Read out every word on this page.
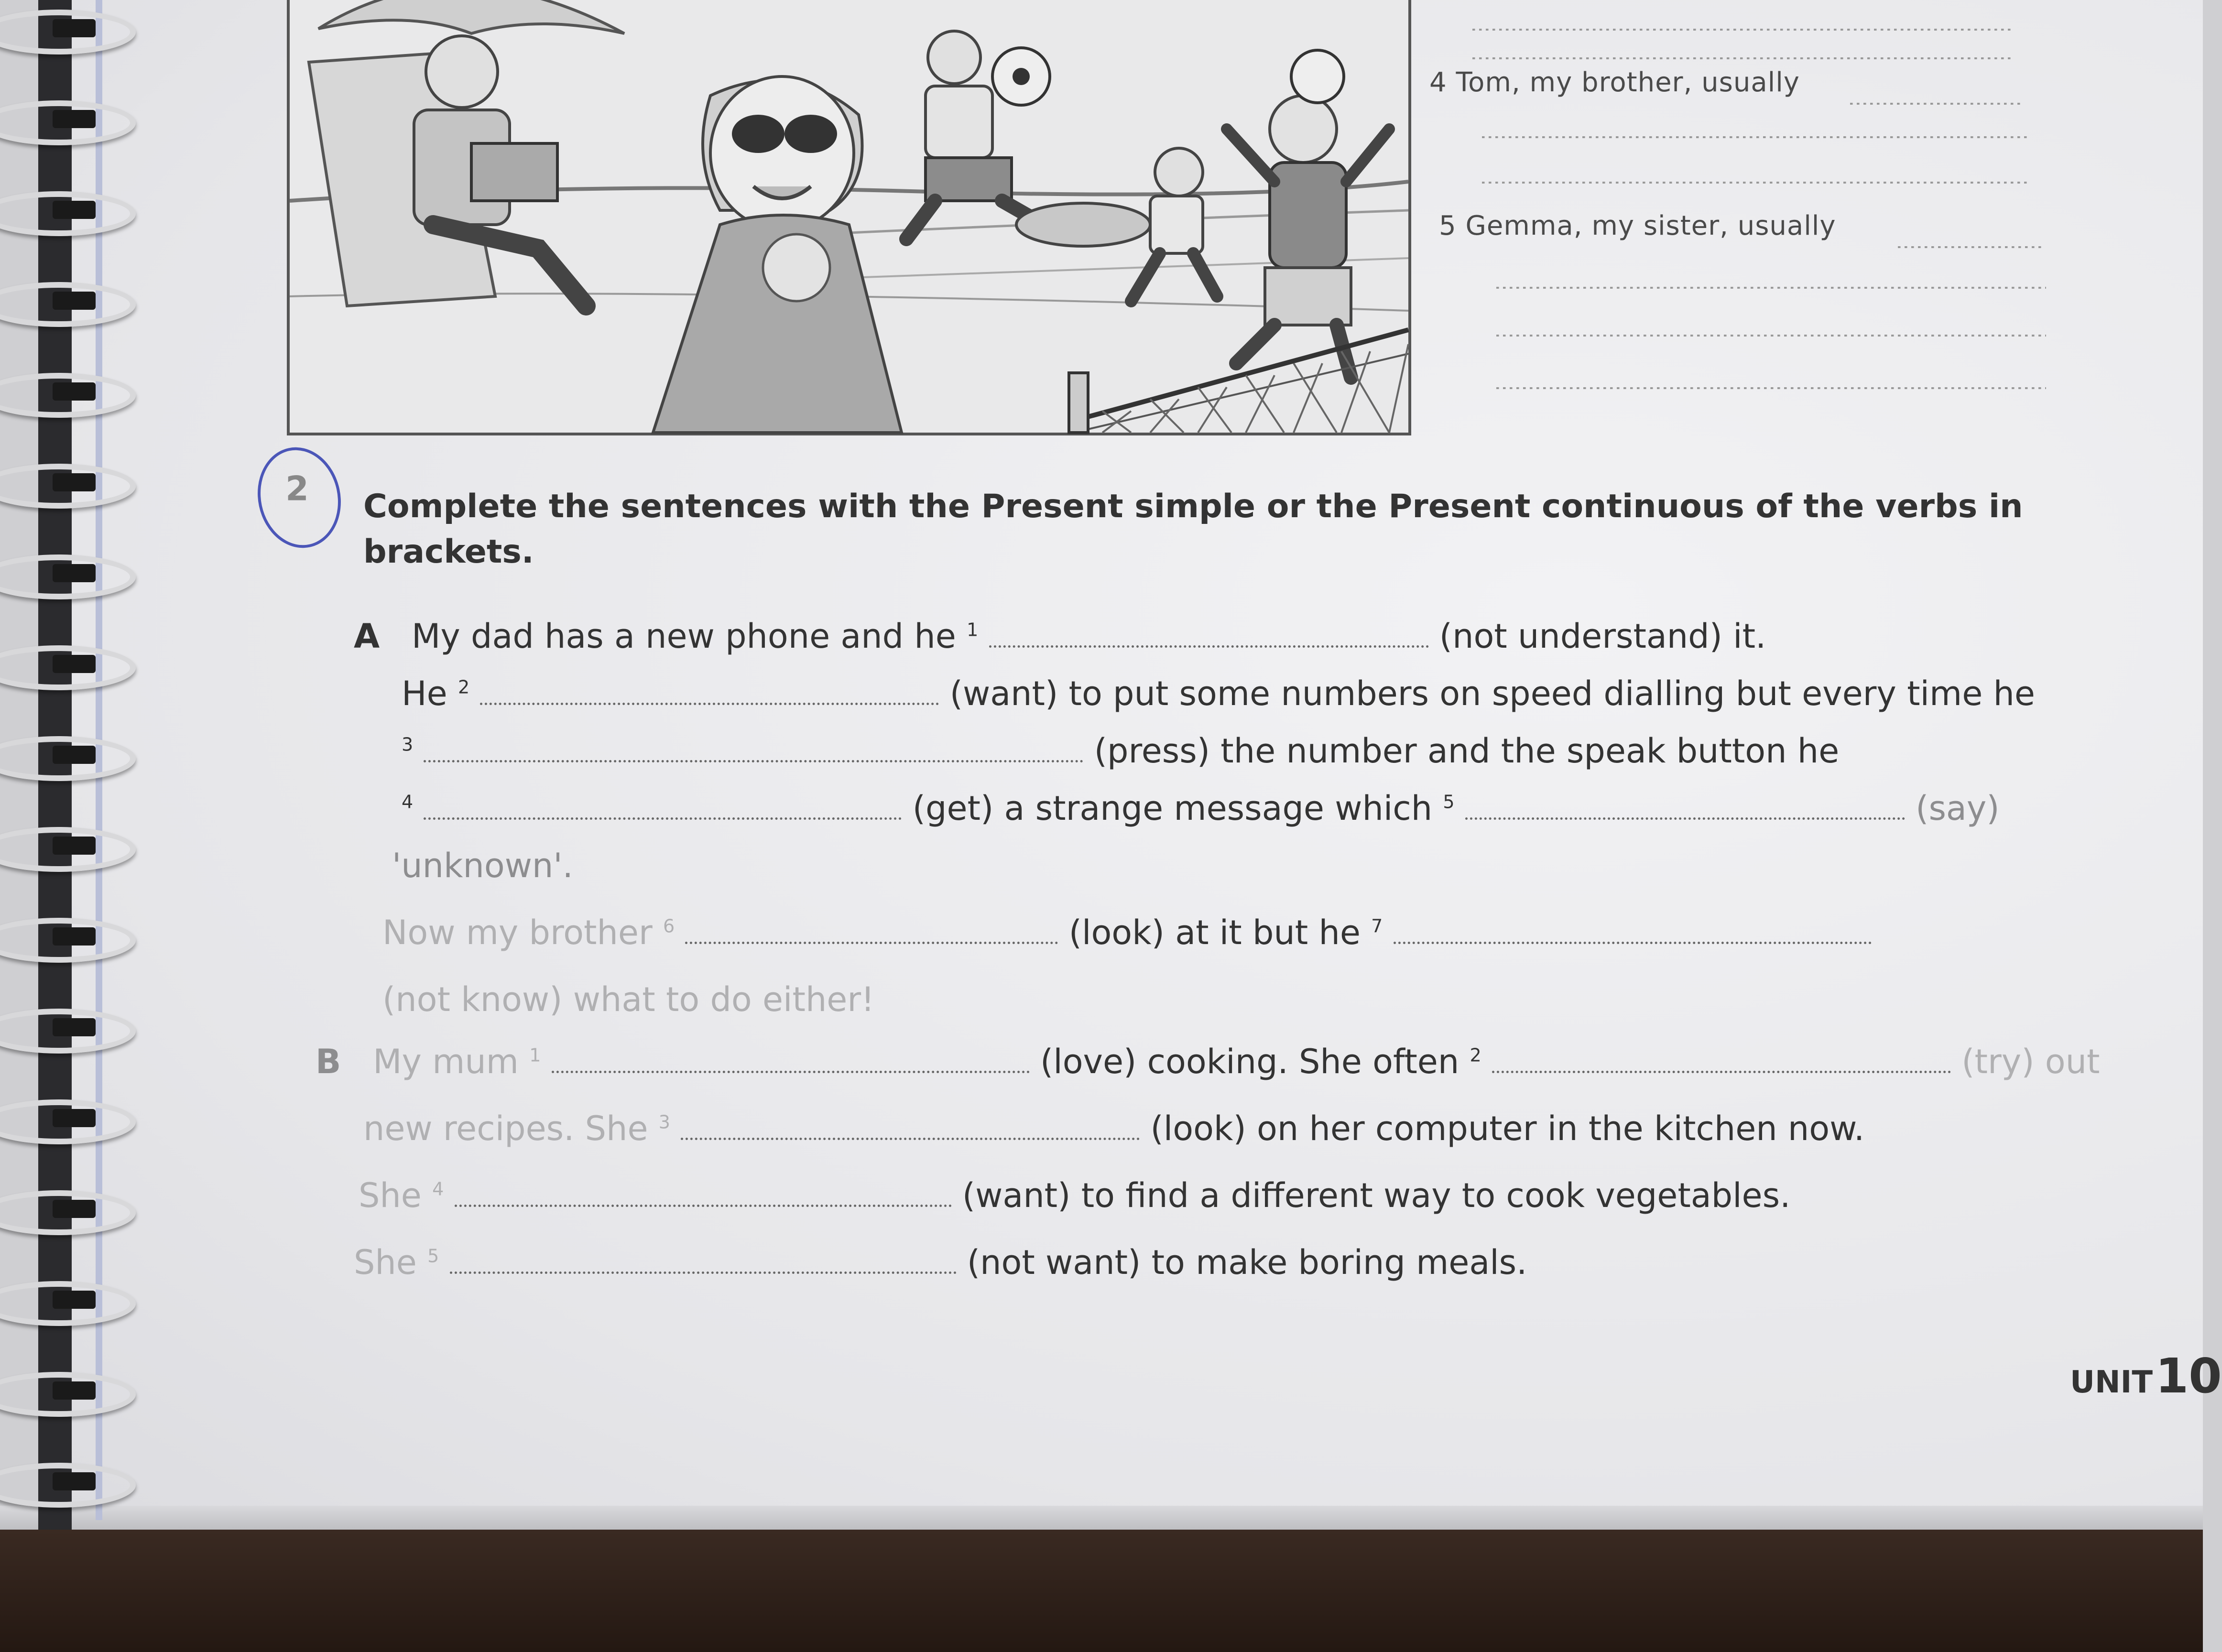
4 Tom, my brother, usually
5 Gemma, my sister, usually
2 Complete the sentences with the Present simple or the Present continuous of the verbs in
brackets.
A My dad has a new phone and he $^1$	(not understand) it.
He $^2$	(want) to put some numbers on speed dialling but every time he
$^3$	(press) the number and the speak button he
$^4$	(get) a strange message which $^5$	(say)
'unknown'.
Now my brother $^6$	(look) at it but he $^7$
(not know) what to do either!
B My mum $^1$	(love) cooking. She often $^2$	(try) out
new recipes. She $^3$	(look) on her computer in the kitchen now.
She $^4$	(want) to find a different way to cook vegetables.
She $^5$	(not want) to make boring meals.
UNIT 10
